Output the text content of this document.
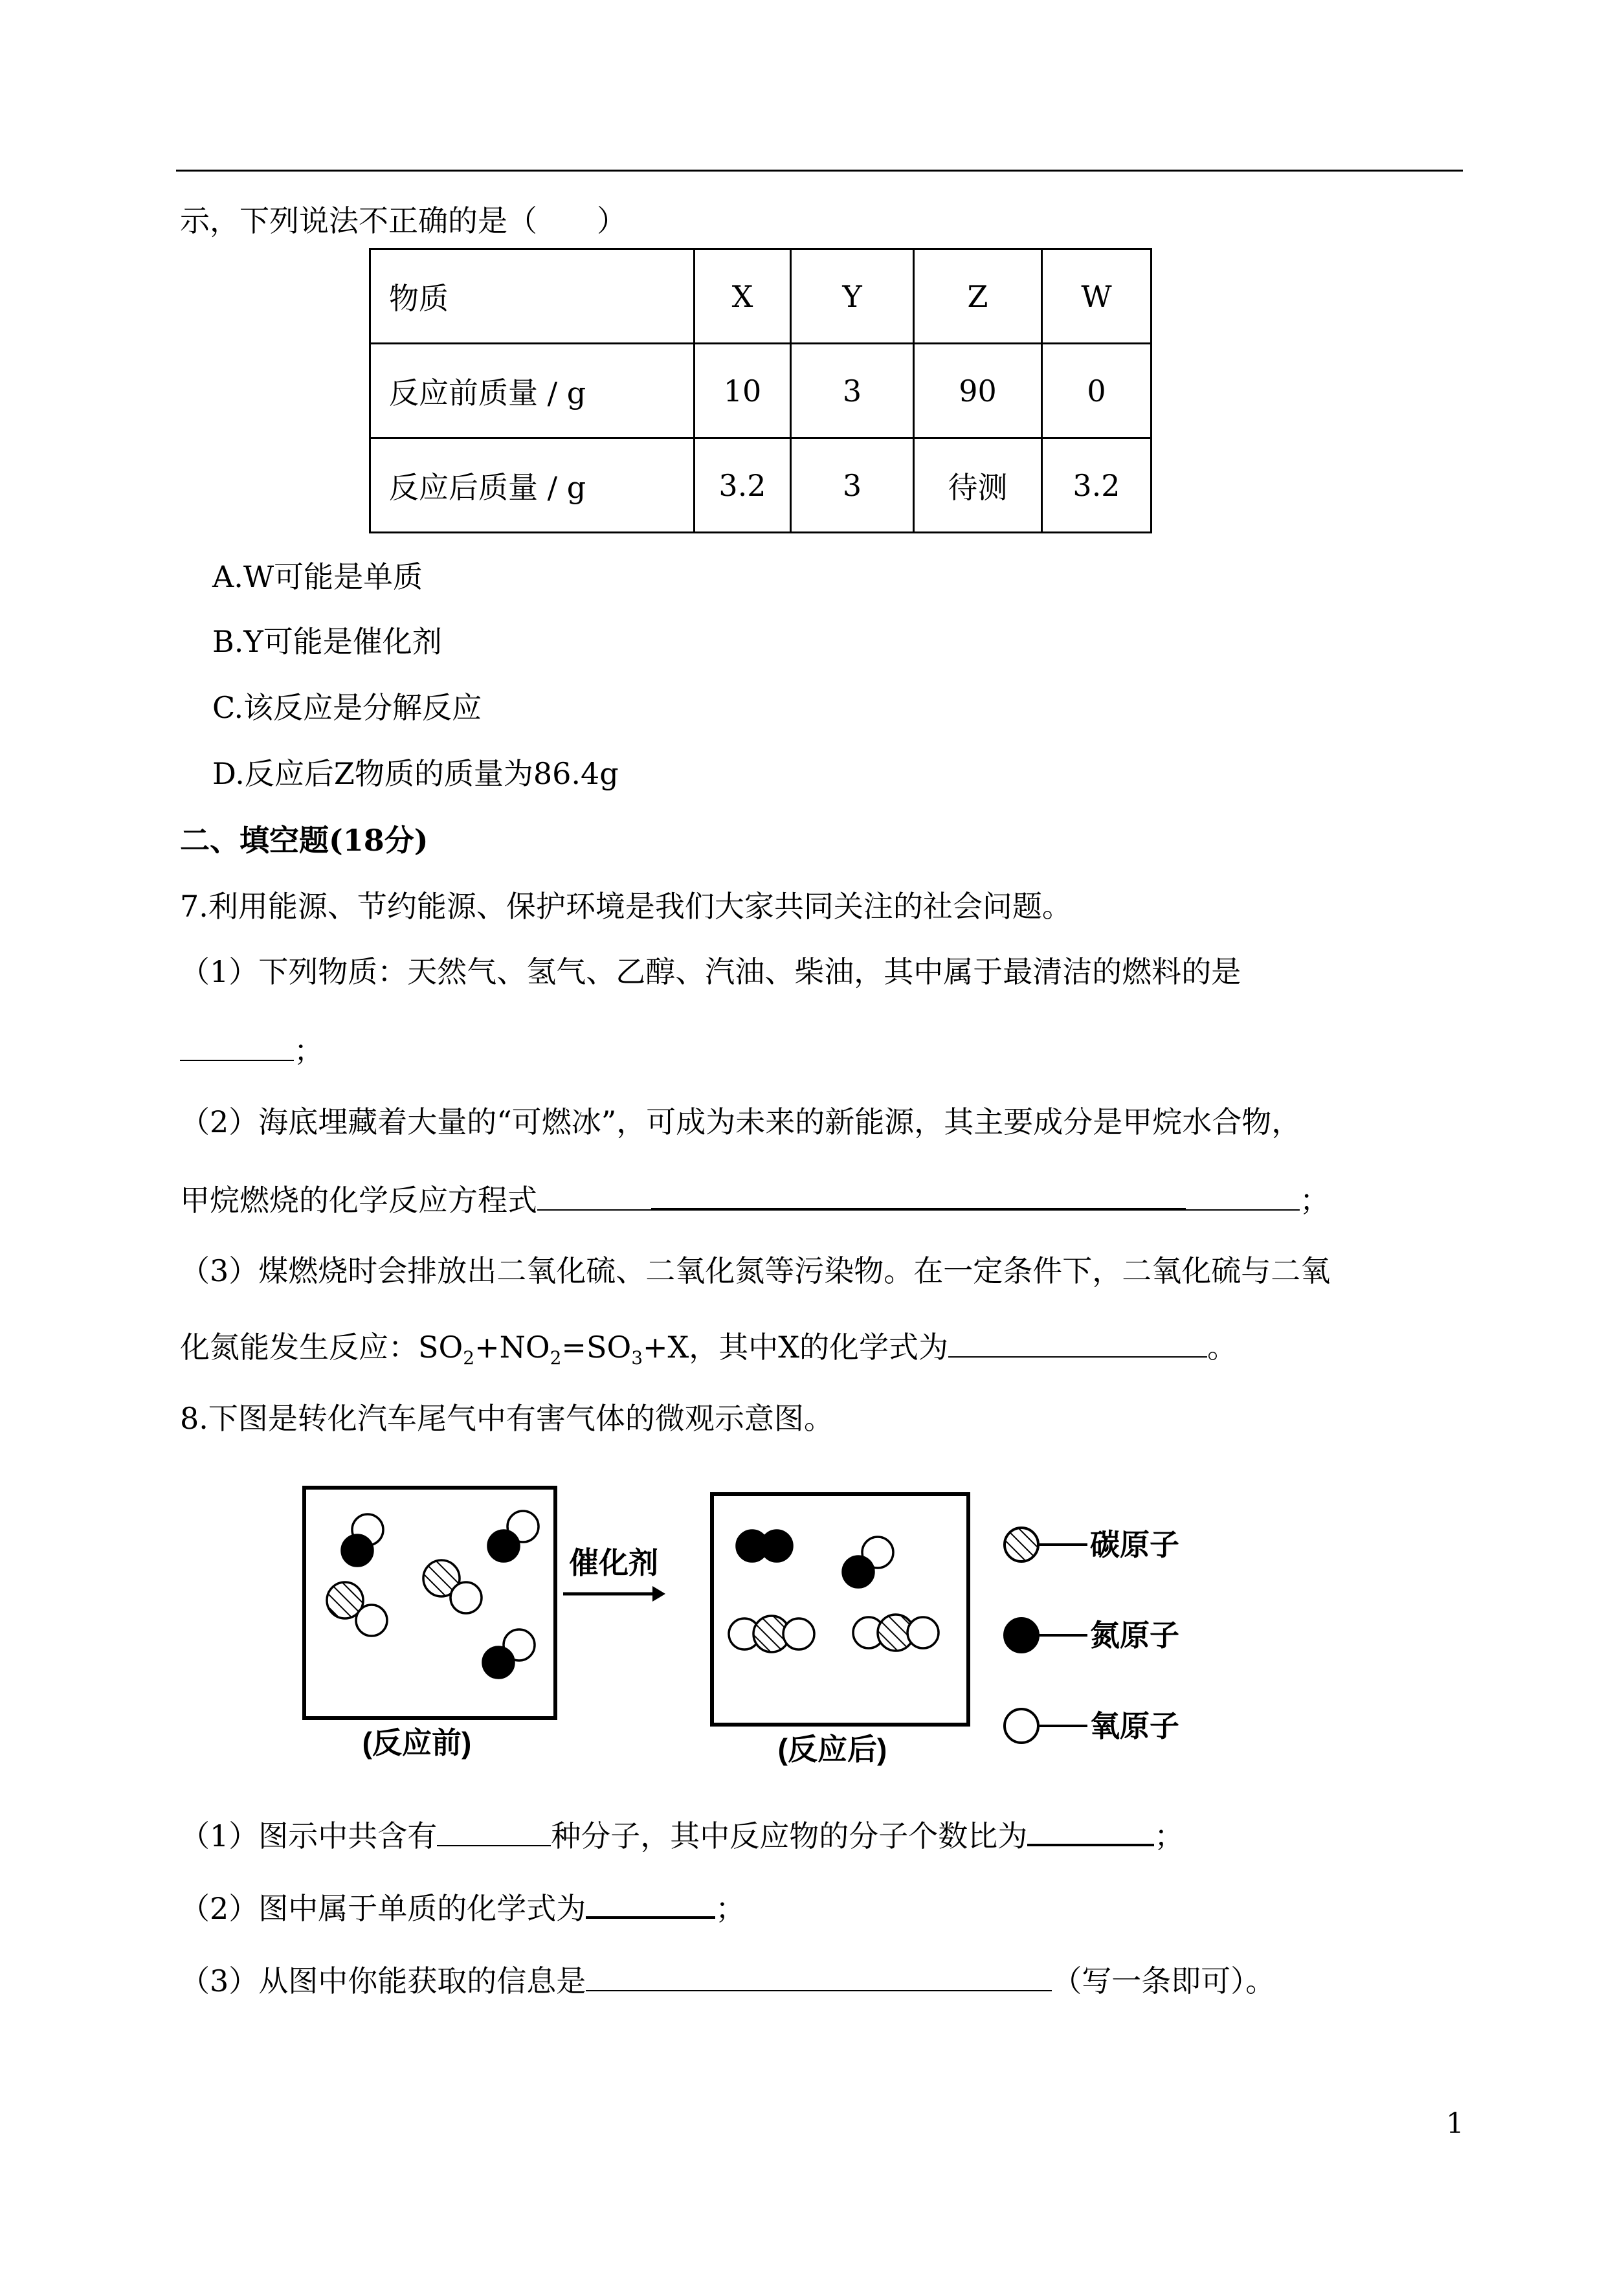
示，下列说法不正确的是（　　）
物质	X	Y	Z	W
反应前质量 / g	10	3	90	0
反应后质量 / g	3.2	3	待测	3.2
A.W可能是单质
B.Y可能是催化剂
C.该反应是分解反应
D.反应后Z物质的质量为86.4g
二、填空题(18分)
7.利用能源、节约能源、保护环境是我们大家共同关注的社会问题。
（1）下列物质：天然气、氢气、乙醇、汽油、柴油，其中属于最清洁的燃料的是
；
（2）海底埋藏着大量的“可燃冰”，可成为未来的新能源，其主要成分是甲烷水合物，
甲烷燃烧的化学反应方程式	；
（3）煤燃烧时会排放出二氧化硫、二氧化氮等污染物。在一定条件下，二氧化硫与二氧
化氮能发生反应：$SO_2+NO_2=SO_3+X$，其中X的化学式为	。
8.下图是转化汽车尾气中有害气体的微观示意图。
催化剂
(反应前)	(反应后)
碳原子
氮原子
氧原子
（1）图示中共含有	种分子，其中反应物的分子个数比为	；
（2）图中属于单质的化学式为	；
（3）从图中你能获取的信息是	（写一条即可）。
1
